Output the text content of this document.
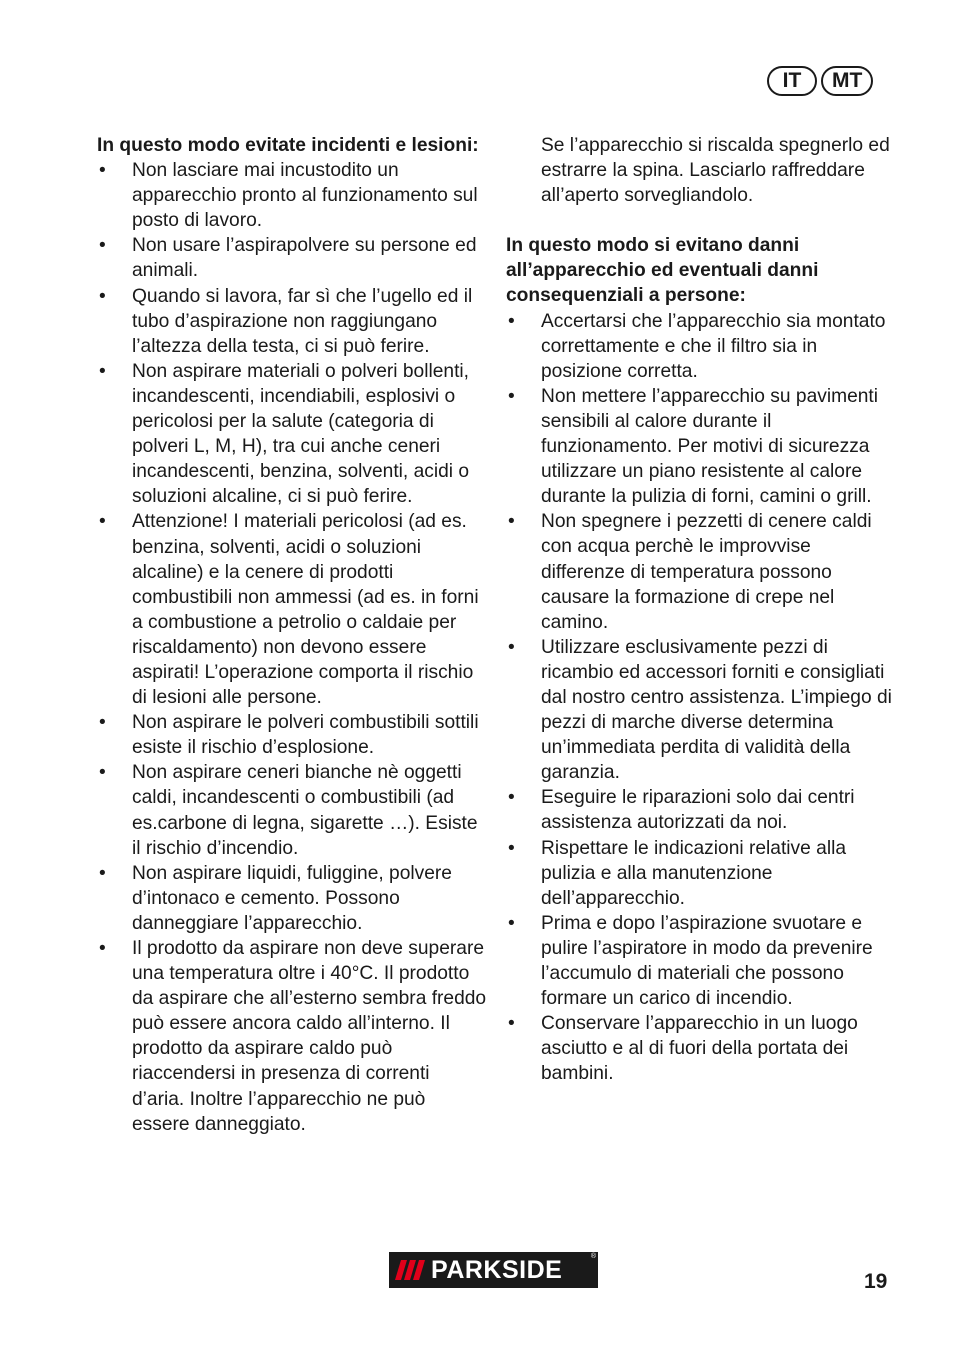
IT	MT

In questo modo evitate incidenti e lesioni:

• Non lasciare mai incustodito un apparecchio pronto al funzionamento sul posto di lavoro.
• Non usare l’aspirapolvere su persone ed animali.
• Quando si lavora, far sì che l’ugello ed il tubo d’aspirazione non raggiungano l’altezza della testa, ci si può ferire.
• Non aspirare materiali o polveri bollenti, incandescenti, incendiabili, esplosivi o pericolosi per la salute (categoria di polveri L, M, H), tra cui anche ceneri incandescenti, benzina, solventi, acidi o soluzioni alcaline, ci si può ferire.
• Attenzione! I materiali pericolosi (ad es. benzina, solventi, acidi o soluzioni alcaline) e la cenere di prodotti combustibili non ammessi (ad es. in forni a combustione a petrolio o caldaie per riscaldamento) non devono essere aspirati! L’operazione comporta il rischio di lesioni alle persone.
• Non aspirare le polveri combustibili sottili esiste il rischio d’esplosione.
• Non aspirare ceneri bianche nè oggetti caldi, incandescenti o combustibili (ad es.carbone di legna, sigarette …). Esiste il rischio d’incendio.
• Non aspirare liquidi, fuliggine, polvere d’intonaco e cemento. Possono danneggiare l’apparecchio.
• Il prodotto da aspirare non deve superare una temperatura oltre i 40°C. Il prodotto da aspirare che all’esterno sembra freddo può essere ancora caldo all’interno. Il prodotto da aspirare caldo può riaccendersi in presenza di correnti d’aria. Inoltre l’apparecchio ne può essere danneggiato.

Se l’apparecchio si riscalda spegnerlo ed estrarre la spina. Lasciarlo raffreddare all’aperto sorvegliandolo.

In questo modo si evitano danni all’apparecchio ed eventuali danni consequenziali a persone:

• Accertarsi che l’apparecchio sia montato correttamente e che il filtro sia in posizione corretta.
• Non mettere l’apparecchio su pavimenti sensibili al calore durante il funzionamento. Per motivi di sicurezza utilizzare un piano resistente al calore durante la pulizia di forni, camini o grill.
• Non spegnere i pezzetti di cenere caldi con acqua perchè le improvvise differenze di temperatura possono causare la formazione di crepe nel camino.
• Utilizzare esclusivamente pezzi di ricambio ed accessori forniti e consigliati dal nostro centro assistenza. L’impiego di pezzi di marche diverse determina un’immediata perdita di validità della garanzia.
• Eseguire le riparazioni solo dai centri assistenza autorizzati da noi.
• Rispettare le indicazioni relative alla pulizia e alla manutenzione dell’apparecchio.
• Prima e dopo l’aspirazione svuotare e pulire l’aspiratore in modo da prevenire l’accumulo di materiali che possono formare un carico di incendio.
• Conservare l’apparecchio in un luogo asciutto e al di fuori della portata dei bambini.
PARKSIDE	®
19
